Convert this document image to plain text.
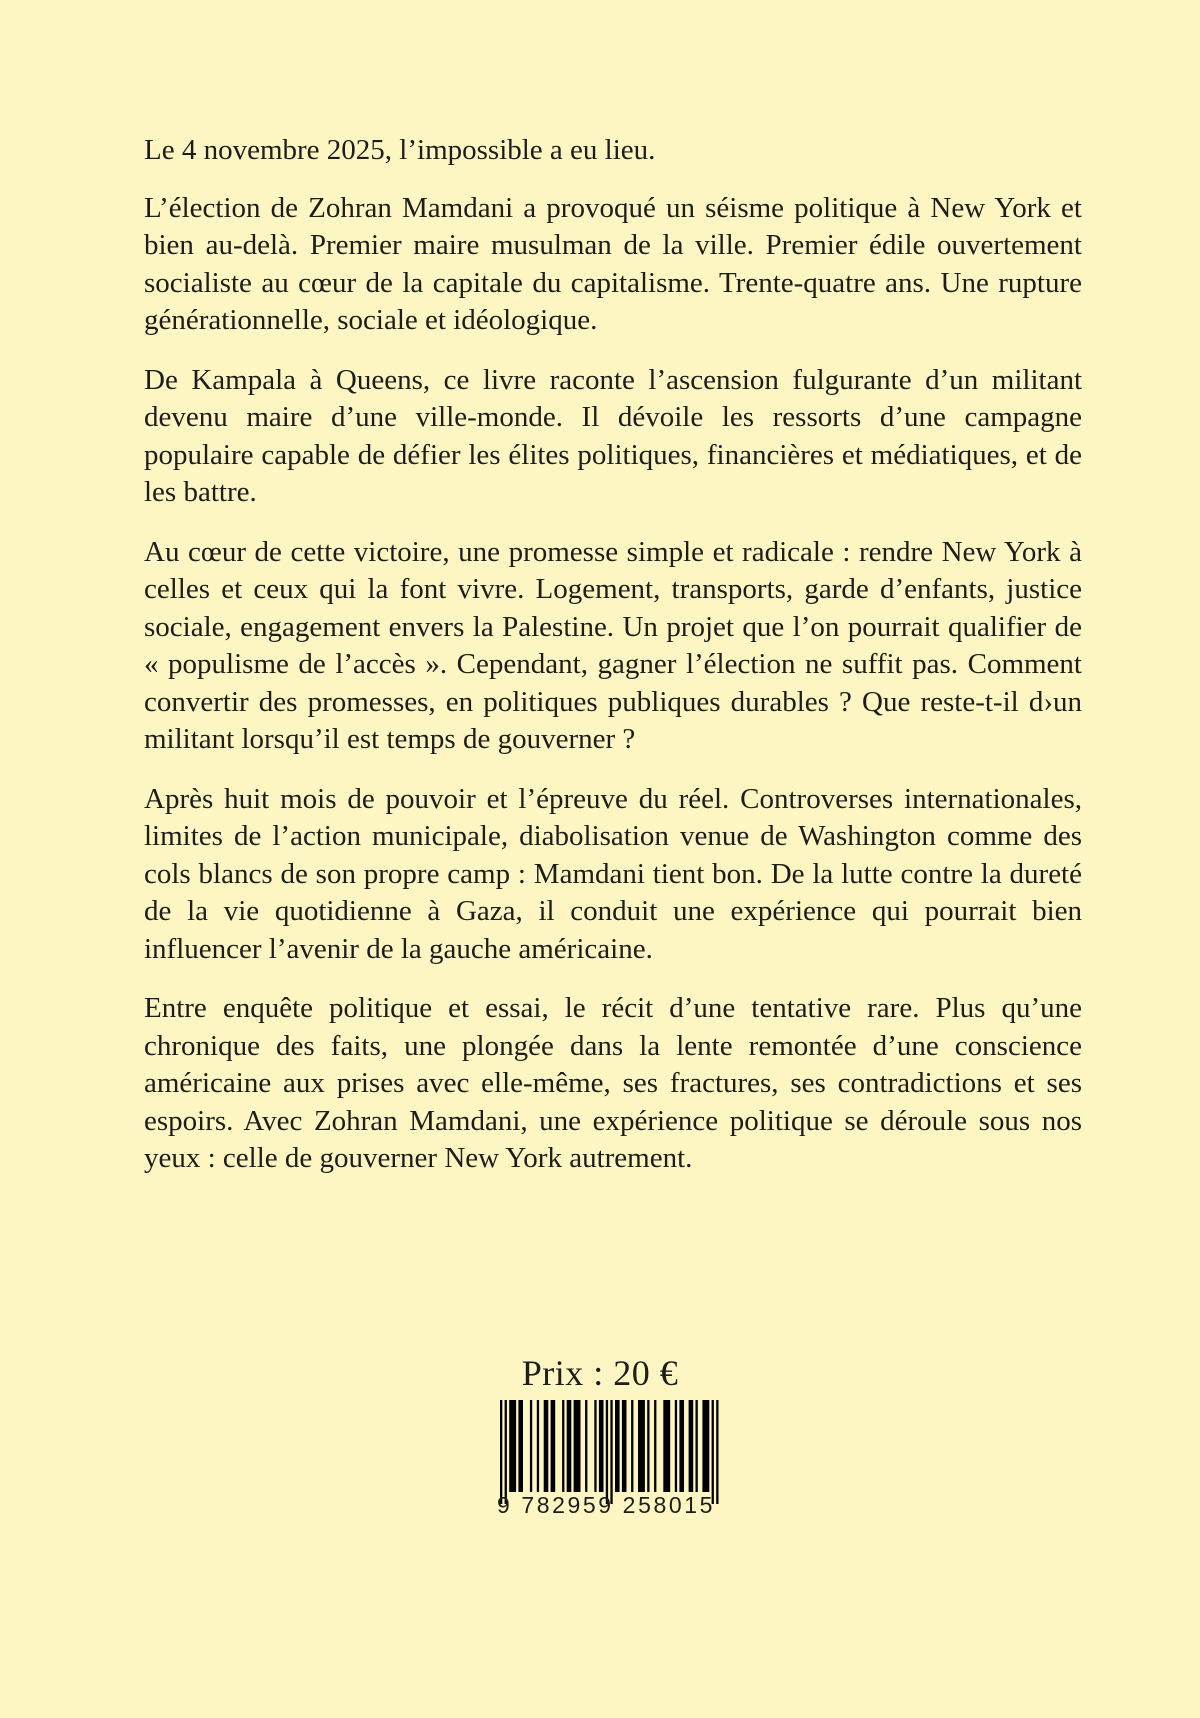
Le 4 novembre 2025, l’impossible a eu lieu.

L’élection de Zohran Mamdani a provoqué un séisme politique à New York et bien au-delà. Premier maire musulman de la ville. Premier édile ouvertement socialiste au cœur de la capitale du capitalisme. Trente-quatre ans. Une rupture générationnelle, sociale et idéologique.

De Kampala à Queens, ce livre raconte l’ascension fulgurante d’un militant devenu maire d’une ville-monde. Il dévoile les ressorts d’une campagne populaire capable de défier les élites politiques, financières et médiatiques, et de les battre.

Au cœur de cette victoire, une promesse simple et radicale : rendre New York à celles et ceux qui la font vivre. Logement, transports, garde d’enfants, justice sociale, engagement envers la Palestine. Un projet que l’on pourrait qualifier de « populisme de l’accès ». Cependant, gagner l’élection ne suffit pas. Comment convertir des promesses, en politiques publiques durables ? Que reste-t-il d›un militant lorsqu’il est temps de gouverner ?

Après huit mois de pouvoir et l’épreuve du réel. Controverses internationales, limites de l’action municipale, diabolisation venue de Washington comme des cols blancs de son propre camp : Mamdani tient bon. De la lutte contre la dureté de la vie quotidienne à Gaza, il conduit une expérience qui pourrait bien influencer l’avenir de la gauche américaine.

Entre enquête politique et essai, le récit d’une tentative rare. Plus qu’une chronique des faits, une plongée dans la lente remontée d’une conscience américaine aux prises avec elle-même, ses fractures, ses contradictions et ses espoirs. Avec Zohran Mamdani, une expérience politique se déroule sous nos yeux : celle de gouverner New York autrement.

Prix : 20 €
9 782959 258015
